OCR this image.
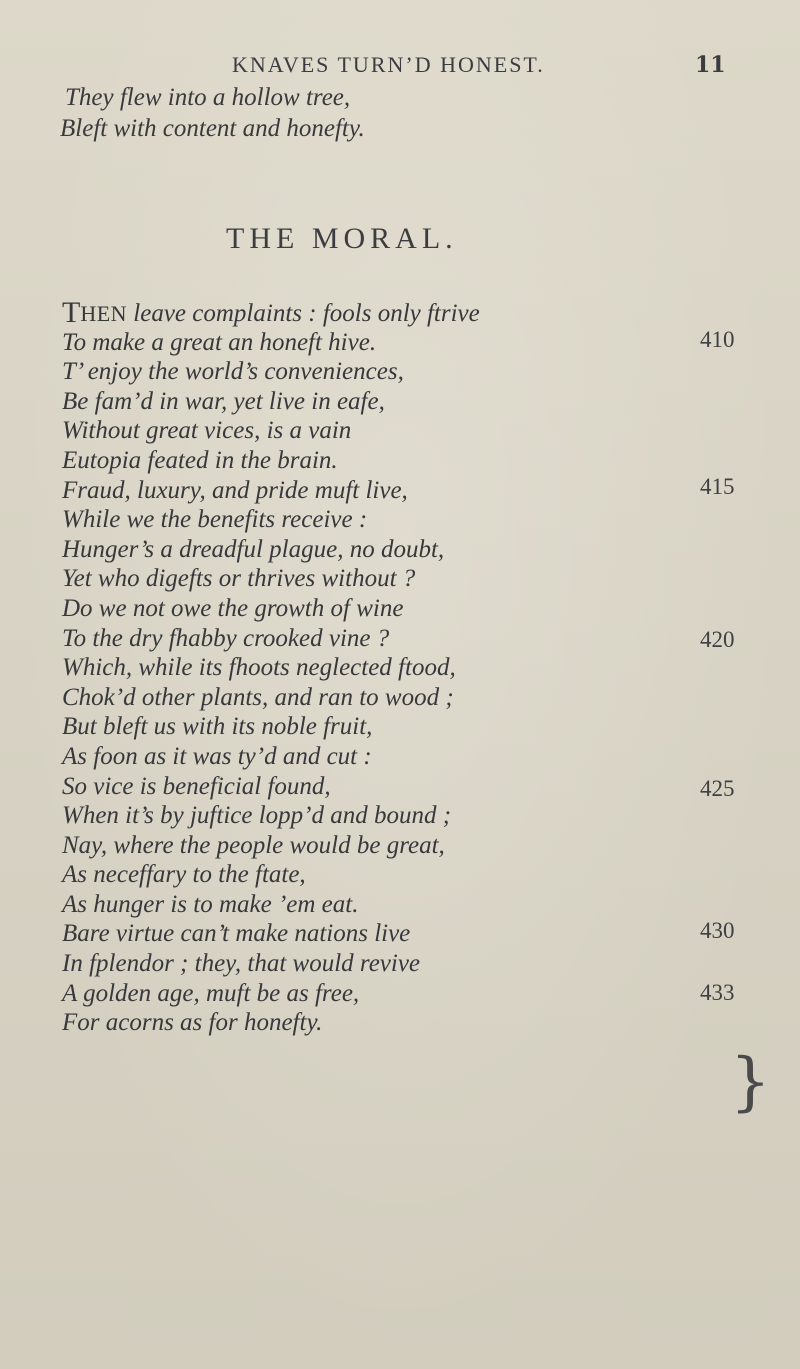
KNAVES TURN’D HONEST.	11
They flew into a hollow tree,
Bleft with content and honefty.
THE MORAL.
THEN leave complaints : fools only ftrive
To make a great an honeft hive.
T’ enjoy the world’s conveniences,
Be fam’d in war, yet live in eafe,
Without great vices, is a vain
Eutopia feated in the brain.
Fraud, luxury, and pride muft live,
While we the benefits receive :
Hunger’s a dreadful plague, no doubt,
Yet who digefts or thrives without ?
Do we not owe the growth of wine
To the dry fhabby crooked vine ?
Which, while its fhoots neglected ftood,
Chok’d other plants, and ran to wood ;
But bleft us with its noble fruit,
As foon as it was ty’d and cut :
So vice is beneficial found,
When it’s by juftice lopp’d and bound ;
Nay, where the people would be great,
As neceffary to the ftate,
As hunger is to make ’em eat.
Bare virtue can’t make nations live
In fplendor ; they, that would revive
A golden age, muft be as free,
For acorns as for honefty.
410
415
420
425
}
430
433
